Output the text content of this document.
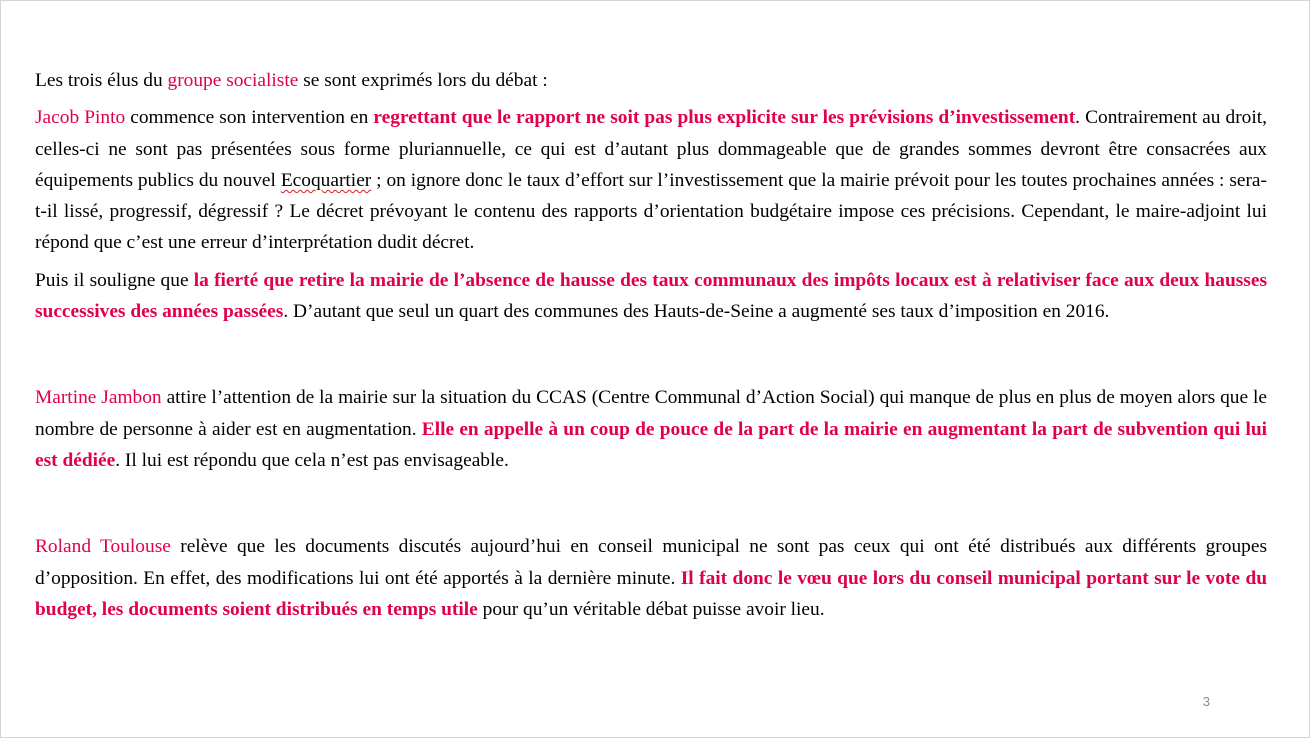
Les trois élus du groupe socialiste se sont exprimés lors du débat :

Jacob Pinto commence son intervention en regrettant que le rapport ne soit pas plus explicite sur les prévisions d’investissement. Contrairement au droit, celles-ci ne sont pas présentées sous forme pluriannuelle, ce qui est d’autant plus dommageable que de grandes sommes devront être consacrées aux équipements publics du nouvel Ecoquartier ; on ignore donc le taux d’effort sur l’investissement que la mairie prévoit pour les toutes prochaines années : sera-t-il lissé, progressif, dégressif ? Le décret prévoyant le contenu des rapports d’orientation budgétaire impose ces précisions. Cependant, le maire-adjoint lui répond que c’est une erreur d’interprétation dudit décret.

Puis il souligne que la fierté que retire la mairie de l’absence de hausse des taux communaux des impôts locaux est à relativiser face aux deux hausses successives des années passées. D’autant que seul un quart des communes des Hauts-de-Seine a augmenté ses taux d’imposition en 2016.

Martine Jambon attire l’attention de la mairie sur la situation du CCAS (Centre Communal d’Action Social) qui manque de plus en plus de moyen alors que le nombre de personne à aider est en augmentation. Elle en appelle à un coup de pouce de la part de la mairie en augmentant la part de subvention qui lui est dédiée. Il lui est répondu que cela n’est pas envisageable.

Roland Toulouse relève que les documents discutés aujourd’hui en conseil municipal ne sont pas ceux qui ont été distribués aux différents groupes d’opposition. En effet, des modifications lui ont été apportés à la dernière minute. Il fait donc le vœu que lors du conseil municipal portant sur le vote du budget, les documents soient distribués en temps utile pour qu’un véritable débat puisse avoir lieu.

3
